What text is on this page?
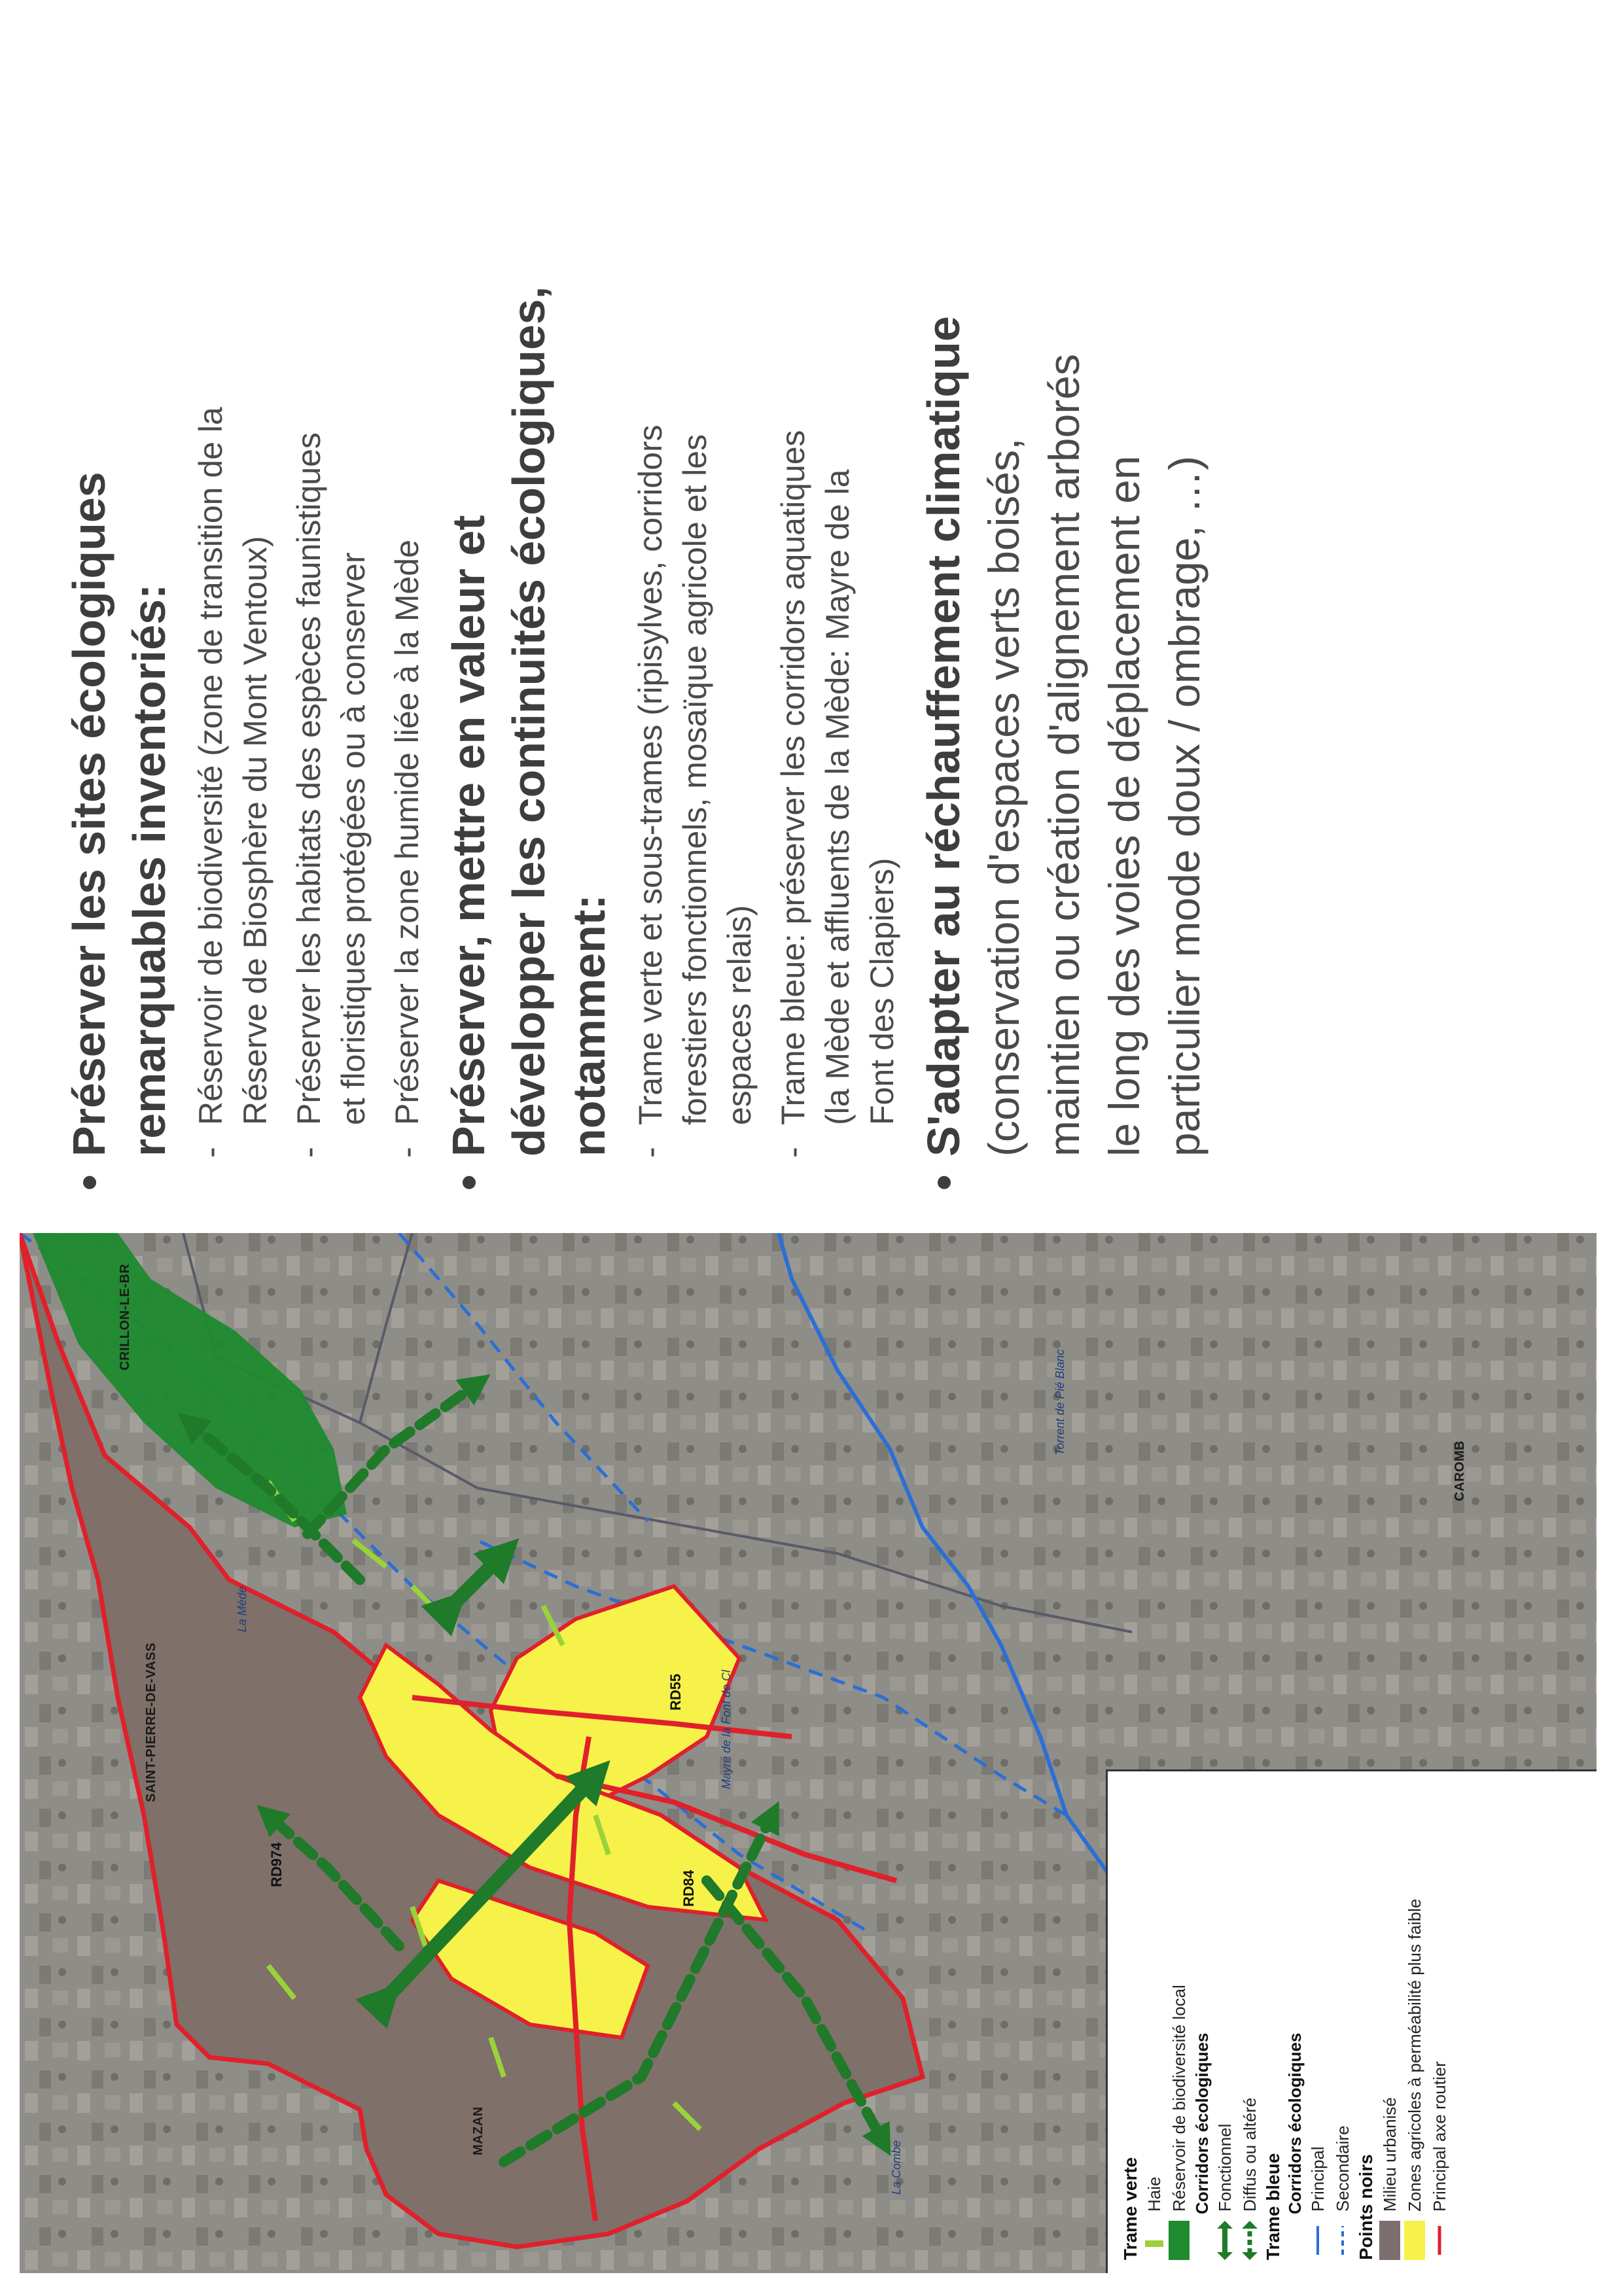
CAROMB
CRILLON-LE-BR
SAINT-PIERRE-DE-VASS
MAZAN
RD55
RD84
RD974
Mayre de la Font de Cl
Torrent de Pié Blanc
La Mède
La Combe	Trame verte Haie Réservoir de biodiversité local Corridors écologiques Fonctionnel Diffus ou altéré Trame bleue Corridors écologiques Principal Secondaire Points noirs Milieu urbanisé Zones agricoles à perméabilité plus faible Principal axe routier
•
Préserver les sites écologiques remarquables inventoriés: -
Réservoir de biodiversité (zone de transition de la Réserve de Biosphère du Mont Ventoux)
-
Préserver les habitats des espèces faunistiques et floristiques protégées ou à conserver
-
Préserver la zone humide liée à la Mède
•
Préserver, mettre en valeur et développer les continuités écologiques, notamment: -
Trame verte et sous-trames (ripisylves, corridors forestiers fonctionnels, mosaïque agricole et les espaces relais)
-
Trame bleue: préserver les corridors aquatiques (la Mède et affluents de la Mède: Mayre de la Font des Clapiers)
•
S'adapter au réchauffement climatique (conservation d'espaces verts boisés, maintien ou création d'alignement arborés le long des voies de déplacement en particulier mode doux / ombrage, …)
